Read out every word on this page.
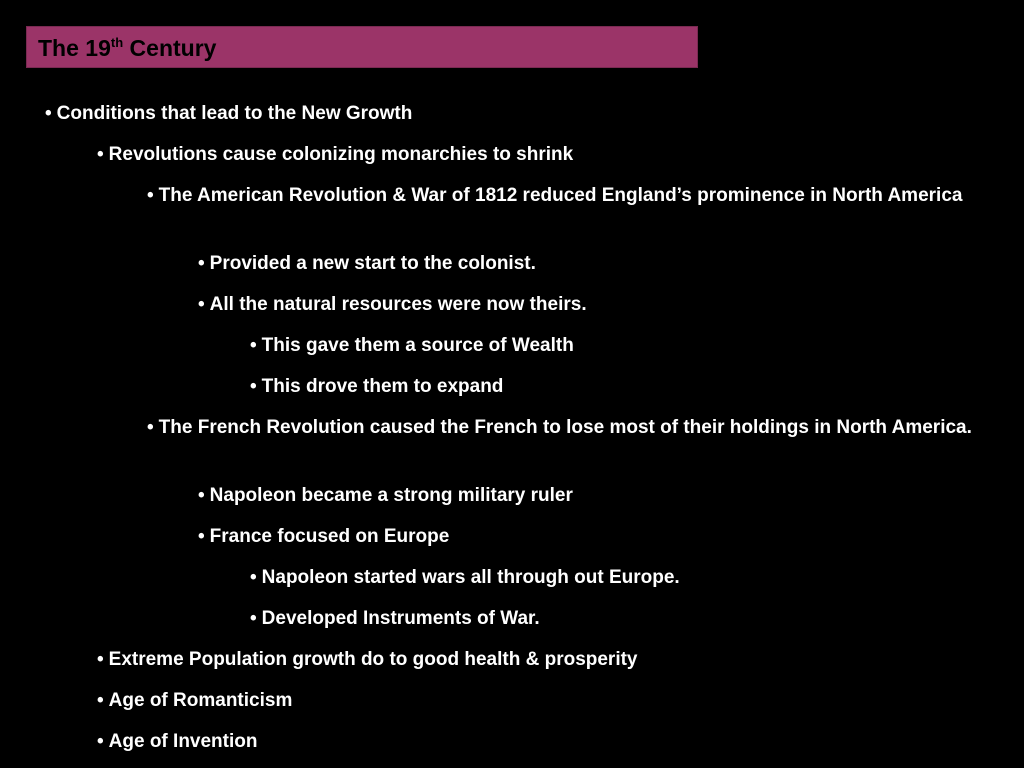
The 19th Century
• Conditions that lead to the New Growth
• Revolutions cause colonizing monarchies to shrink
• The American Revolution & War of 1812 reduced England’s prominence in North America
• Provided a new start to the colonist.
• All the natural resources were now theirs.
• This gave them a source of Wealth
• This drove them to expand
• The French Revolution caused the French to lose most of their holdings in North America.
• Napoleon became a strong military ruler
• France focused on Europe
• Napoleon started wars all through out Europe.
• Developed Instruments of War.
• Extreme Population growth do to good health & prosperity
• Age of Romanticism
• Age of Invention
